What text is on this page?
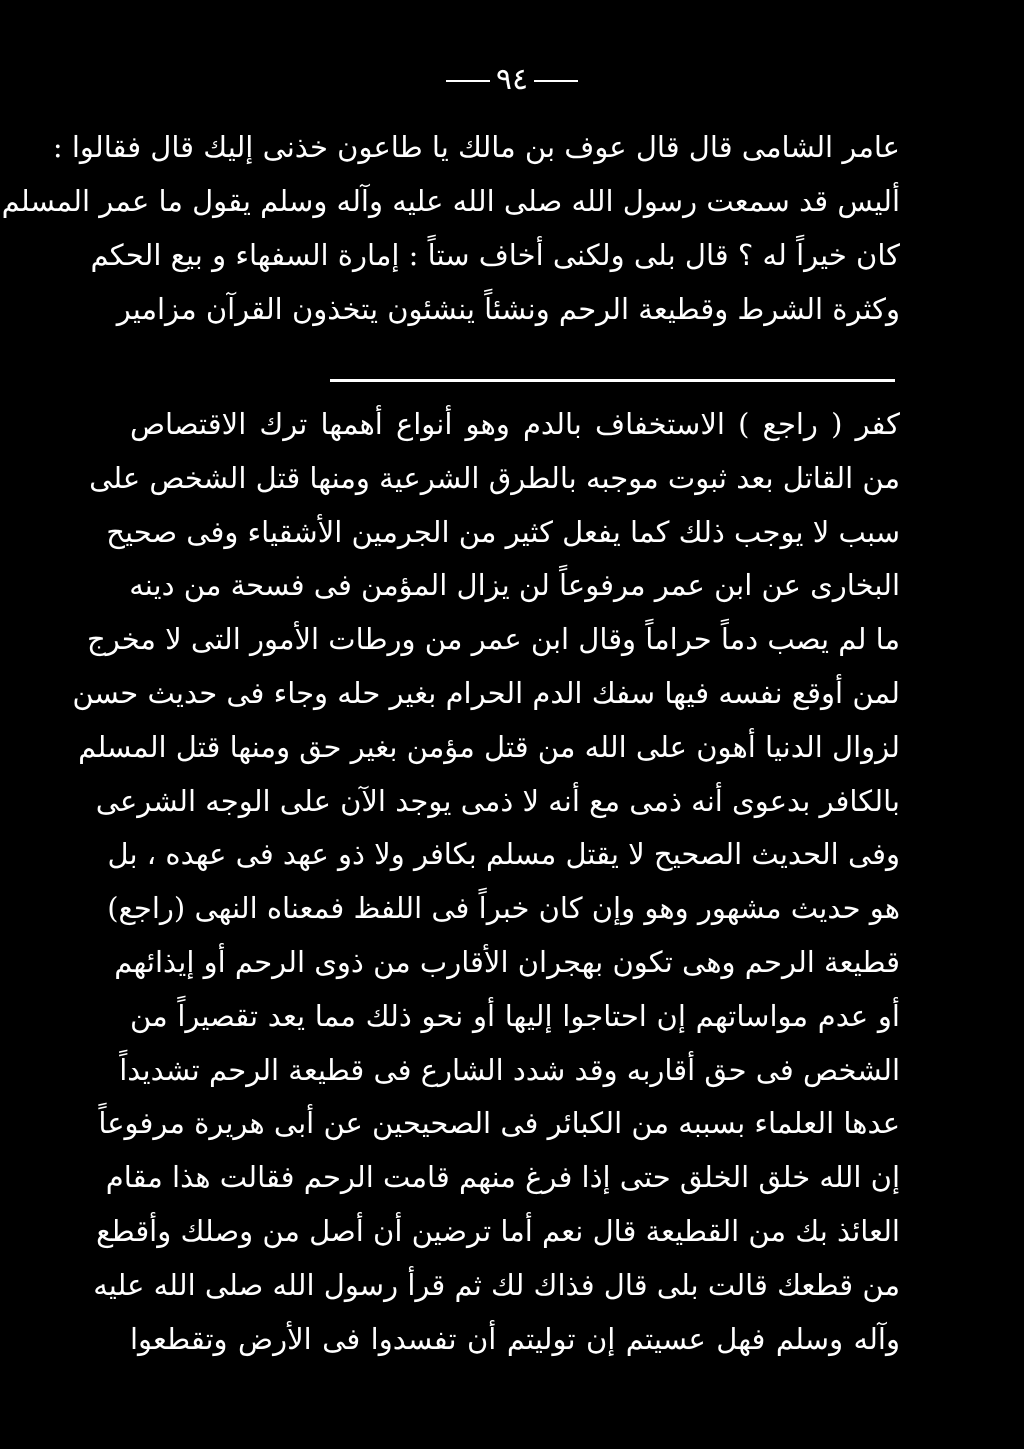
٩٤
عامر الشامى قال قال عوف بن مالك يا طاعون خذنى إليك قال فقالوا :
أليس قد سمعت رسول الله صلى الله عليه وآله وسلم يقول ما عمر المسلم
كان خيراً له ؟ قال بلى ولكنى أخاف ستاً : إمارة السفهاء و بيع الحكم
وكثرة الشرط وقطيعة الرحم ونشئاً ينشئون يتخذون القرآن مزامير
كفر ( راجع ) الاستخفاف بالدم وهو أنواع أهمها ترك الاقتصاص
من القاتل بعد ثبوت موجبه بالطرق الشرعية ومنها قتل الشخص على
سبب لا يوجب ذلك كما يفعل كثير من الجرمين الأشقياء وفى صحيح
البخارى عن ابن عمر مرفوعاً لن يزال المؤمن فى فسحة من دينه
ما لم يصب دماً حراماً وقال ابن عمر من ورطات الأمور التى لا مخرج
لمن أوقع نفسه فيها سفك الدم الحرام بغير حله وجاء فى حديث حسن
لزوال الدنيا أهون على الله من قتل مؤمن بغير حق ومنها قتل المسلم
بالكافر بدعوى أنه ذمى مع أنه لا ذمى يوجد الآن على الوجه الشرعى
وفى الحديث الصحيح لا يقتل مسلم بكافر ولا ذو عهد فى عهده ، بل
هو حديث مشهور وهو وإن كان خبراً فى اللفظ فمعناه النهى (راجع)
قطيعة الرحم وهى تكون بهجران الأقارب من ذوى الرحم أو إيذائهم
أو عدم مواساتهم إن احتاجوا إليها أو نحو ذلك مما يعد تقصيراً من
الشخص فى حق أقاربه وقد شدد الشارع فى قطيعة الرحم تشديداً
عدها العلماء بسببه من الكبائر فى الصحيحين عن أبى هريرة مرفوعاً
إن الله خلق الخلق حتى إذا فرغ منهم قامت الرحم فقالت هذا مقام
العائذ بك من القطيعة قال نعم أما ترضين أن أصل من وصلك وأقطع
من قطعك قالت بلى قال فذاك لك ثم قرأ رسول الله صلى الله عليه
وآله وسلم فهل عسيتم إن توليتم أن تفسدوا فى الأرض وتقطعوا
